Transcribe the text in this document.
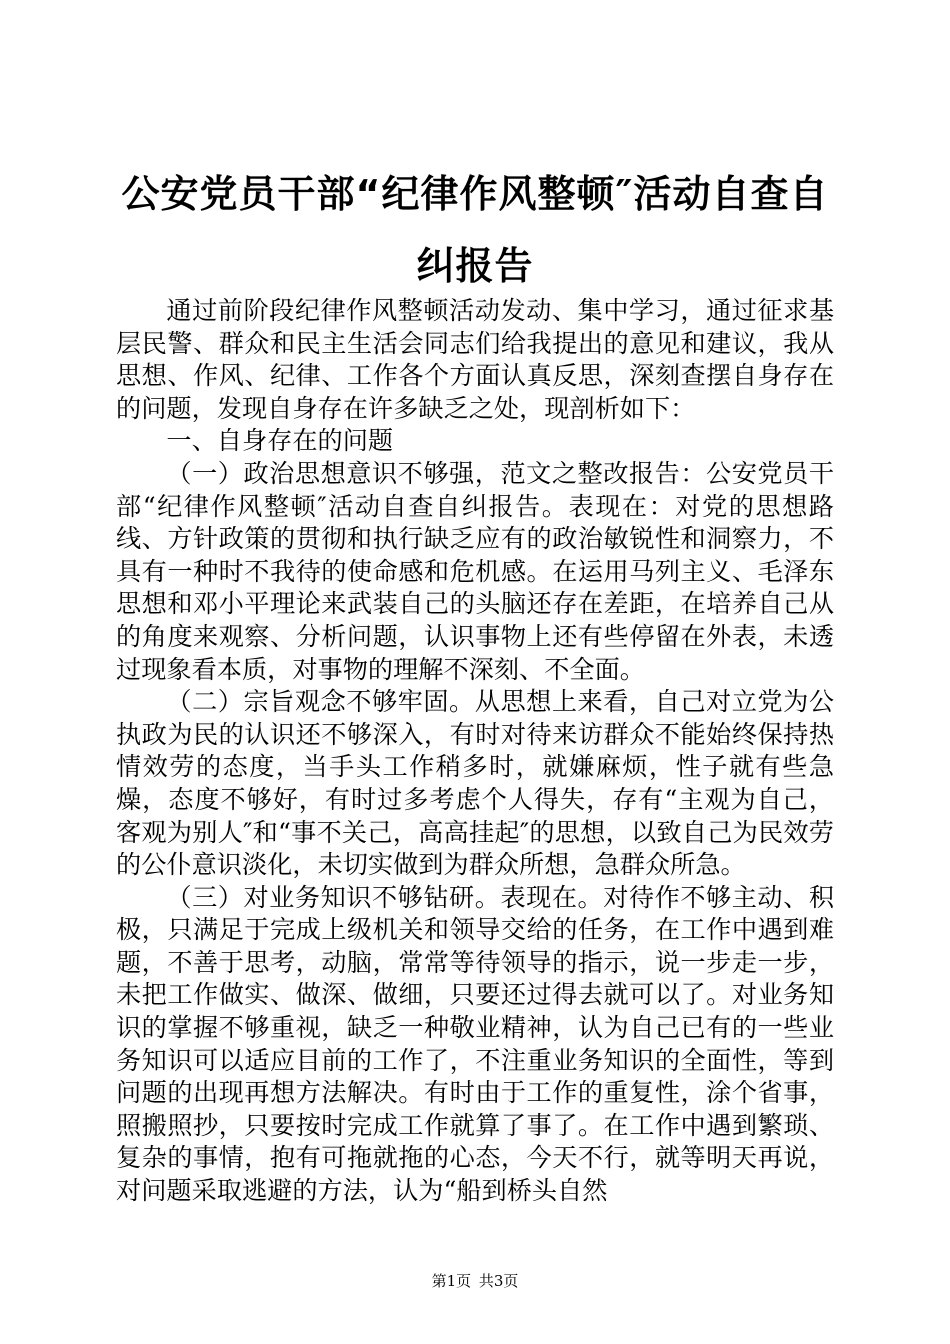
公安党员干部“纪律作风整顿″活动自查自纠报告

通过前阶段纪律作风整顿活动发动、集中学习，通过征求基层民警、群众和民主生活会同志们给我提出的意见和建议，我从思想、作风、纪律、工作各个方面认真反思，深刻查摆自身存在的问题，发现自身存在许多缺乏之处，现剖析如下：

一、自身存在的问题

（一）政治思想意识不够强，范文之整改报告：公安党员干部“纪律作风整顿″活动自查自纠报告。表现在：对党的思想路线、方针政策的贯彻和执行缺乏应有的政治敏锐性和洞察力，不具有一种时不我待的使命感和危机感。在运用马列主义、毛泽东思想和邓小平理论来武装自己的头脑还存在差距，在培养自己从的角度来观察、分析问题，认识事物上还有些停留在外表，未透过现象看本质，对事物的理解不深刻、不全面。

（二）宗旨观念不够牢固。从思想上来看，自己对立党为公执政为民的认识还不够深入，有时对待来访群众不能始终保持热情效劳的态度，当手头工作稍多时，就嫌麻烦，性子就有些急燥，态度不够好，有时过多考虑个人得失，存有“主观为自己，客观为别人″和“事不关己，高高挂起″的思想，以致自己为民效劳的公仆意识淡化，未切实做到为群众所想，急群众所急。

（三）对业务知识不够钻研。表现在。对待作不够主动、积极，只满足于完成上级机关和领导交给的任务，在工作中遇到难题，不善于思考，动脑，常常等待领导的指示，说一步走一步，未把工作做实、做深、做细，只要还过得去就可以了。对业务知识的掌握不够重视，缺乏一种敬业精神，认为自己已有的一些业务知识可以适应目前的工作了，不注重业务知识的全面性，等到问题的出现再想方法解决。有时由于工作的重复性，涂个省事，照搬照抄，只要按时完成工作就算了事了。在工作中遇到繁琐、复杂的事情，抱有可拖就拖的心态，今天不行，就等明天再说，对问题采取逃避的方法，认为“船到桥头自然

第1页 共3页
